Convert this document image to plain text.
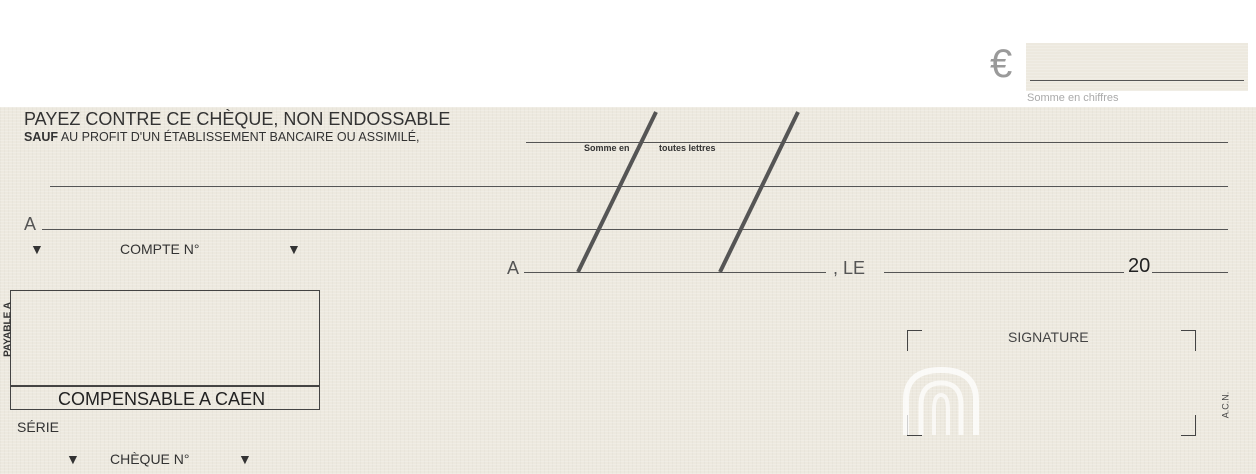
€
Somme en chiffres
PAYEZ CONTRE CE CHÈQUE, NON ENDOSSABLE
SAUF AU PROFIT D'UN ÉTABLISSEMENT BANCAIRE OU ASSIMILÉ,
Somme en	toutes lettres
A
▼	COMPTE N°	▼
A	, LE	20
PAYABLE A
COMPENSABLE A CAEN
SÉRIE
▼ CHÈQUE N°	▼
SIGNATURE
A.C.N.
